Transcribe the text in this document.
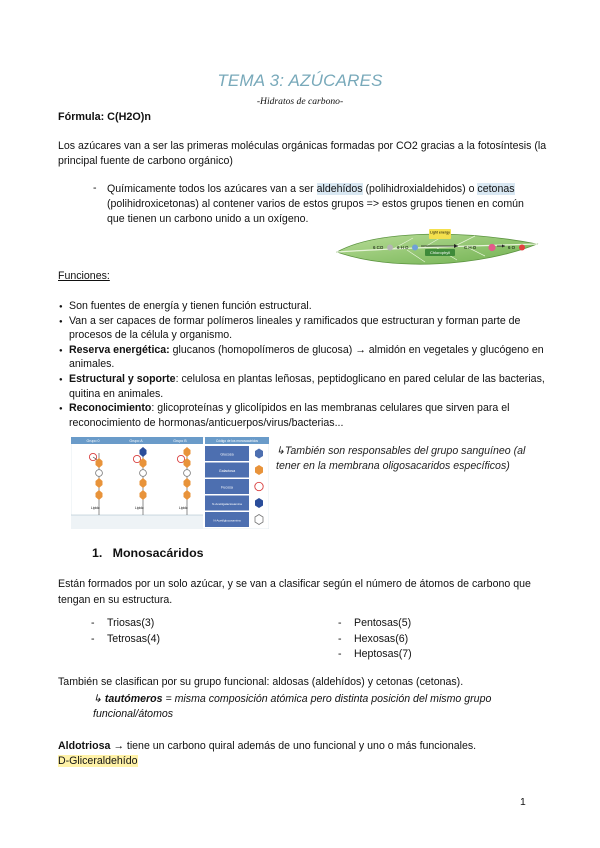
TEMA 3: AZÚCARES
-Hidratos de carbono-
Fórmula: C(H2O)n
Los azúcares van a ser las primeras moléculas orgánicas formadas por CO2 gracias a la fotosíntesis (la principal fuente de carbono orgánico)
- Químicamente todos los azúcares van a ser aldehídos (polihidroxialdehidos) o cetonas (polihidroxicetonas) al contener varios de estos grupos => estos grupos tienen en común que tienen un carbono unido a un oxígeno.
Light energy
Chlorophyll
6 CO	6 H O	C H O	6 O
Funciones:
● Son fuentes de energía y tienen función estructural.
● Van a ser capaces de formar polímeros lineales y ramificados que estructuran y forman parte de procesos de la célula y organismo.
● Reserva energética: glucanos (homopolímeros de glucosa) → almidón en vegetales y glucógeno en animales.
● Estructural y soporte: celulosa en plantas leñosas, peptidoglicano en pared celular de las bacterias, quitina en animales.
● Reconocimiento: glicoproteínas y glicolípidos en las membranas celulares que sirven para el reconocimiento de hormonas/anticuerpos/virus/bacterias...
Grupo 0	Grupo A	Grupo B	Código de los monosacáridos
Lípido	Lípido	Lípido
Glucosa
Galactosa
Fucosa
N-Acetilgalactosamina
N-Acetilglucosamina
↳También son responsables del grupo sanguíneo (al tener en la membrana oligosacaridos específicos)
1. Monosacáridos
Están formados por un solo azúcar, y se van a clasificar según el número de átomos de carbono que tengan en su estructura.
- Triosas(3)
- Tetrosas(4)
- Pentosas(5)
- Hexosas(6)
- Heptosas(7)
También se clasifican por su grupo funcional: aldosas (aldehídos) y cetonas (cetonas).
↳ tautómeros = misma composición atómica pero distinta posición del mismo grupo funcional/átomos
Aldotriosa → tiene un carbono quiral además de uno funcional y uno o más funcionales.
D-Gliceraldehído
1
